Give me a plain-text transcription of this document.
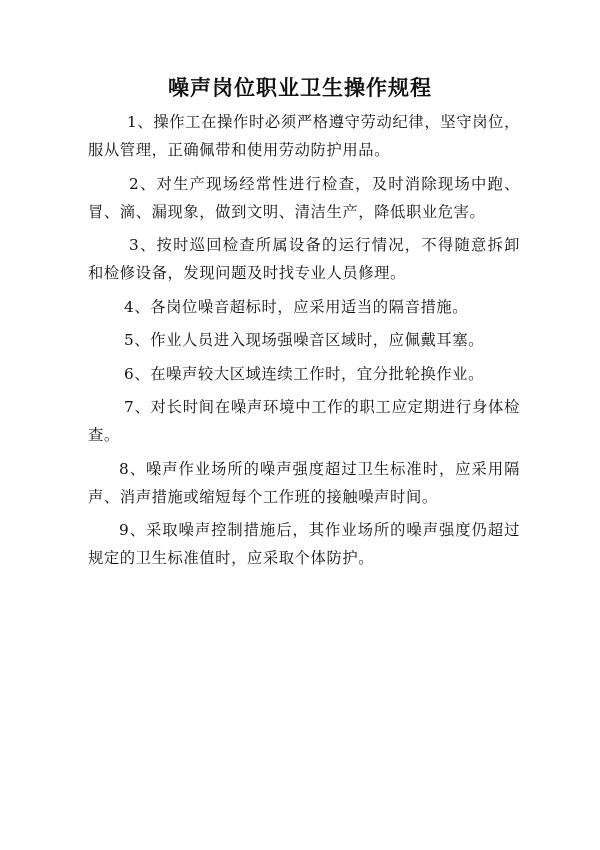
噪声岗位职业卫生操作规程

1、操作工在操作时必须严格遵守劳动纪律，坚守岗位，服从管理，正确佩带和使用劳动防护用品。

2、对生产现场经常性进行检查，及时消除现场中跑、冒、滴、漏现象，做到文明、清洁生产，降低职业危害。

3、按时巡回检查所属设备的运行情况，不得随意拆卸和检修设备，发现问题及时找专业人员修理。

4、各岗位噪音超标时，应采用适当的隔音措施。

5、作业人员进入现场强噪音区域时，应佩戴耳塞。

6、在噪声较大区域连续工作时，宜分批轮换作业。

7、对长时间在噪声环境中工作的职工应定期进行身体检查。

8、噪声作业场所的噪声强度超过卫生标准时，应采用隔声、消声措施或缩短每个工作班的接触噪声时间。

9、采取噪声控制措施后，其作业场所的噪声强度仍超过规定的卫生标准值时，应采取个体防护。
